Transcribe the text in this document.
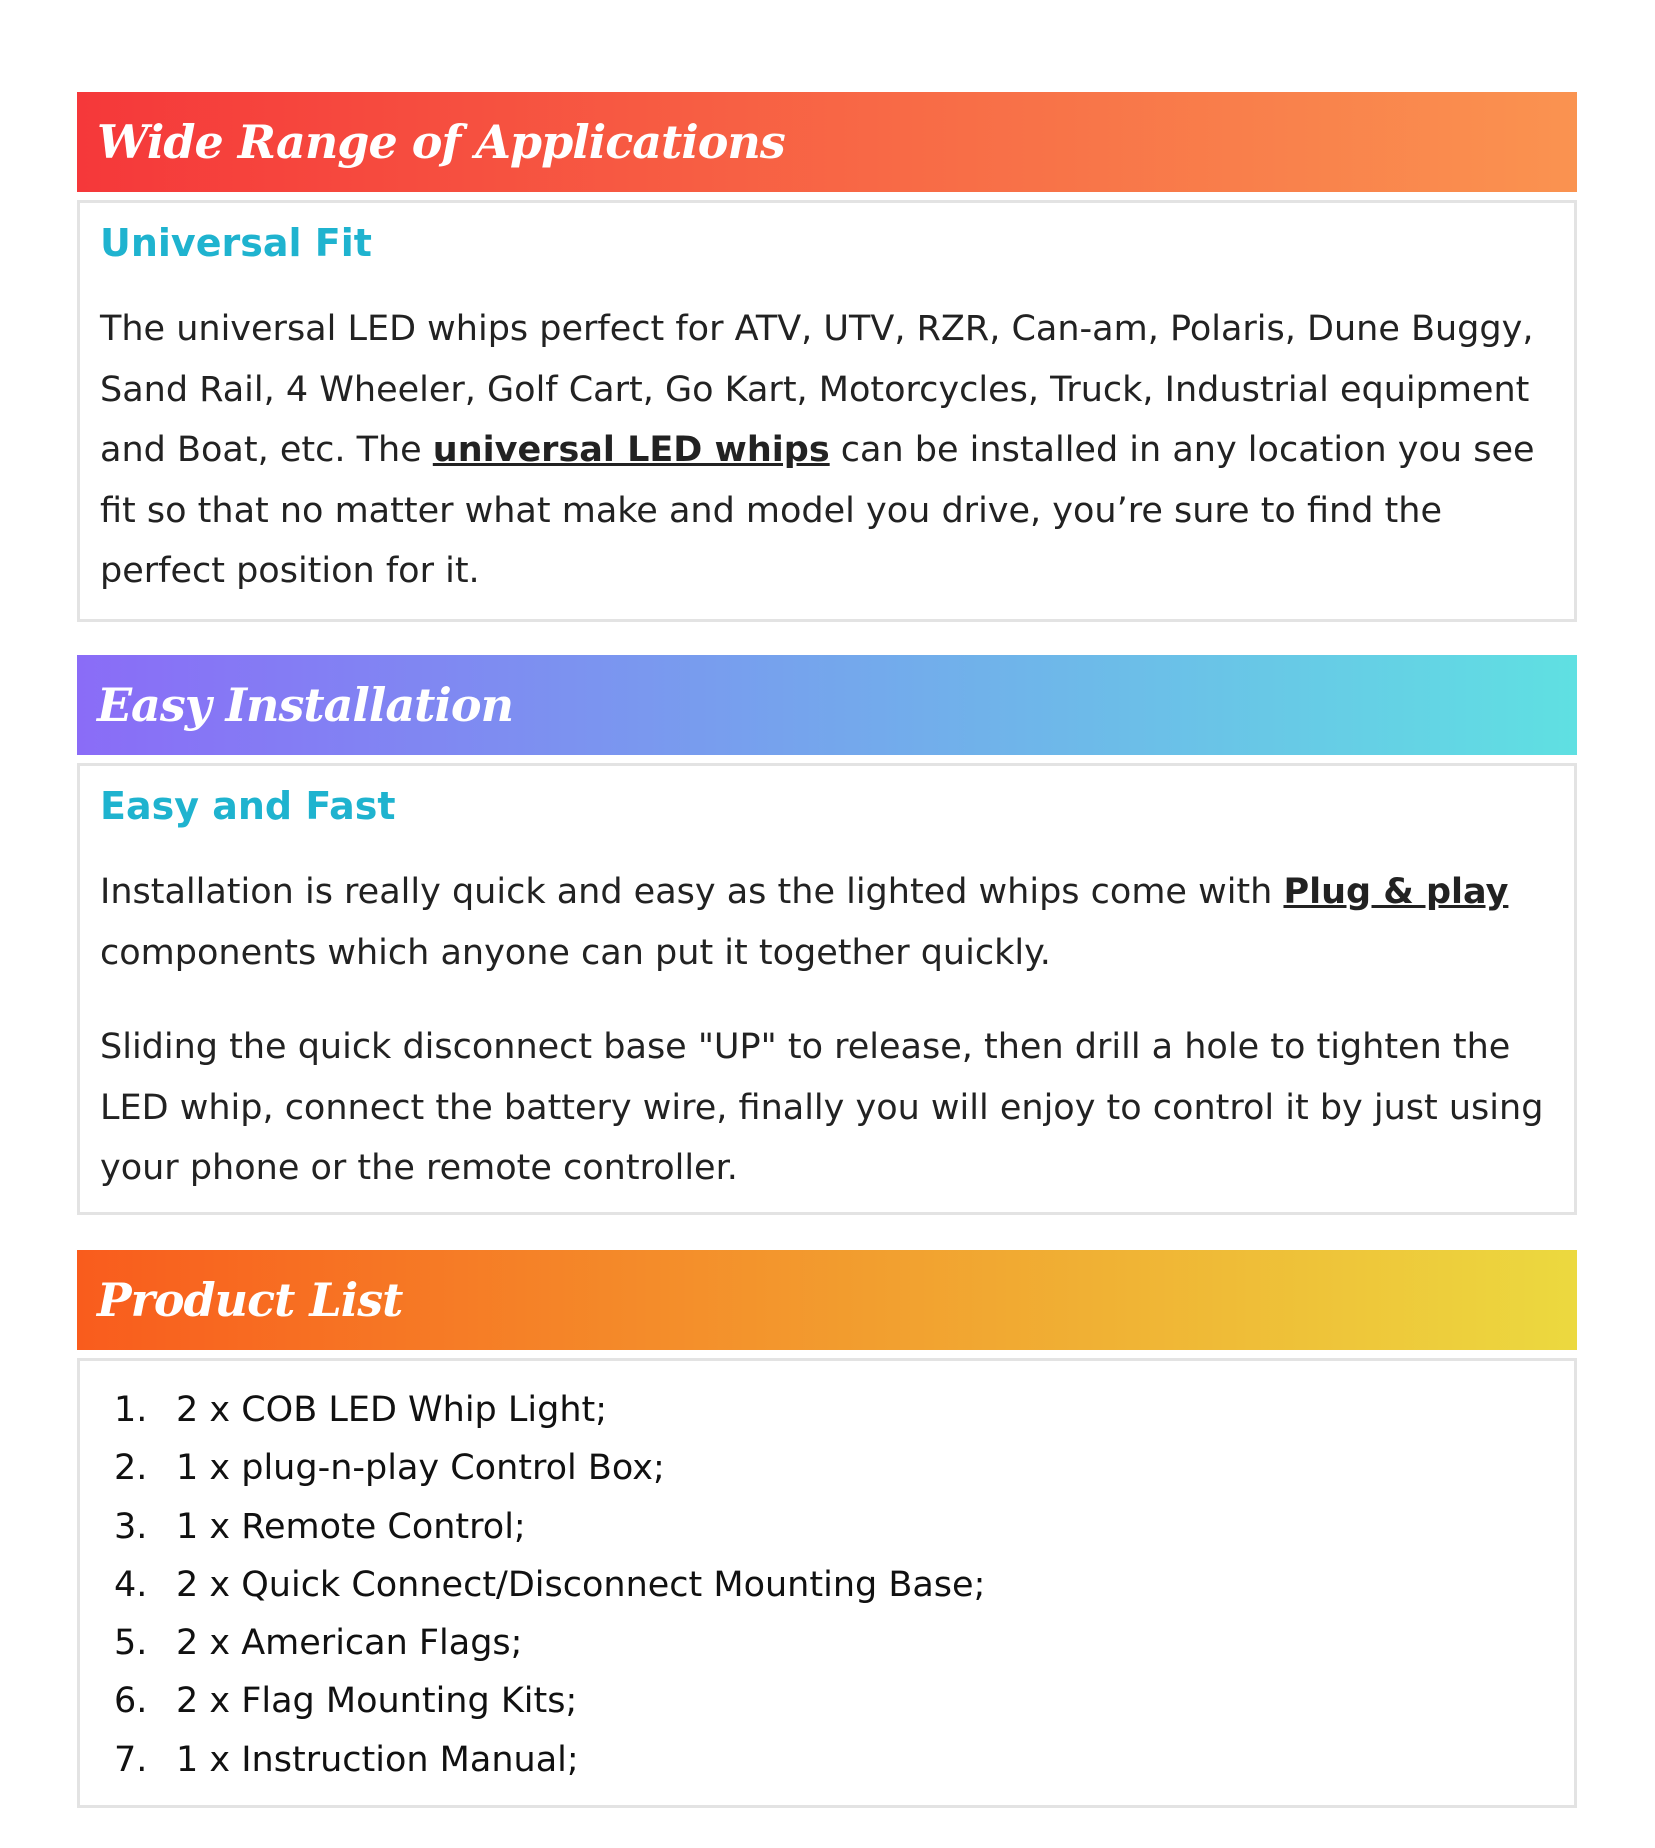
Wide Range of Applications
Universal Fit

The universal LED whips perfect for ATV, UTV, RZR, Can-am, Polaris, Dune Buggy, Sand Rail, 4 Wheeler, Golf Cart, Go Kart, Motorcycles, Truck, Industrial equipment and Boat, etc. The universal LED whips can be installed in any location you see fit so that no matter what make and model you drive, you’re sure to find the perfect position for it.

Easy Installation
Easy and Fast

Installation is really quick and easy as the lighted whips come with Plug & play components which anyone can put it together quickly.

Sliding the quick disconnect base "UP" to release, then drill a hole to tighten the LED whip, connect the battery wire, finally you will enjoy to control it by just using your phone or the remote controller.

Product List
1. 2 x COB LED Whip Light;
2. 1 x plug-n-play Control Box;
3. 1 x Remote Control;
4. 2 x Quick Connect/Disconnect Mounting Base;
5. 2 x American Flags;
6. 2 x Flag Mounting Kits;
7. 1 x Instruction Manual;
